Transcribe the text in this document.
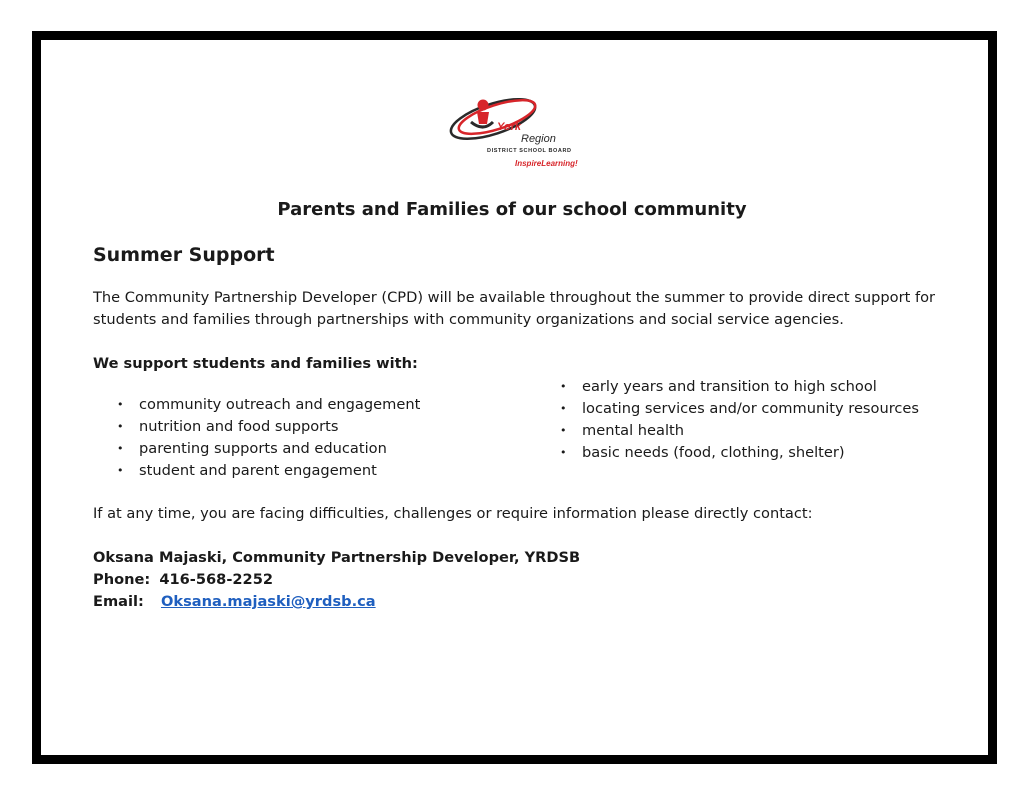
York
Region
DISTRICT SCHOOL BOARD
InspireLearning!
Parents and Families of our school community
Summer Support
The Community Partnership Developer (CPD) will be available throughout the summer to provide direct support for students and families through partnerships with community organizations and social service agencies.
We support students and families with:
• community outreach and engagement
• nutrition and food supports
• parenting supports and education
• student and parent engagement
• early years and transition to high school
• locating services and/or community resources
• mental health
• basic needs (food, clothing, shelter)
If at any time, you are facing difficulties, challenges or require information please directly contact:
Oksana Majaski, Community Partnership Developer, YRDSB
Phone: 416-568-2252
Email: Oksana.majaski@yrdsb.ca
